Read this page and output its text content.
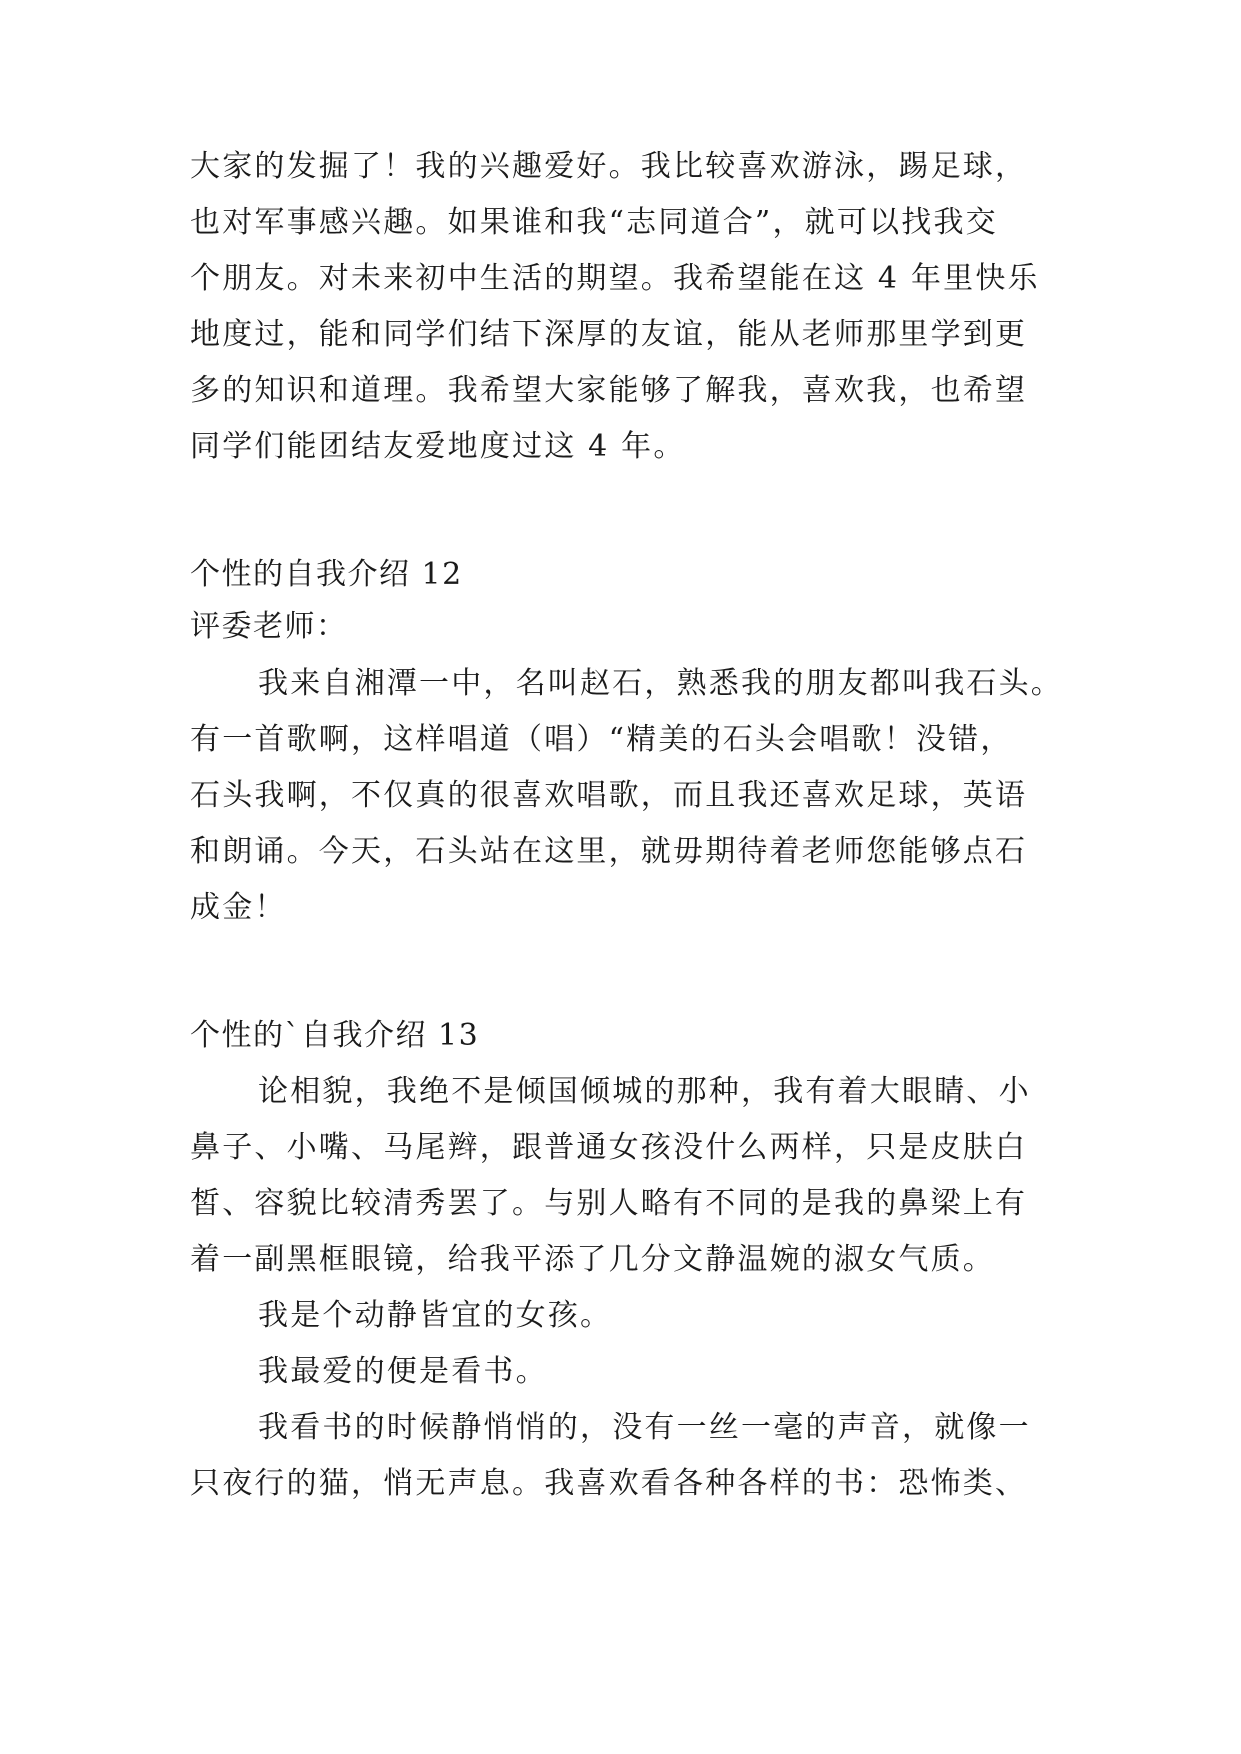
大家的发掘了！我的兴趣爱好。我比较喜欢游泳，踢足球，
也对军事感兴趣。如果谁和我“志同道合”，就可以找我交
个朋友。对未来初中生活的期望。我希望能在这 4 年里快乐
地度过，能和同学们结下深厚的友谊，能从老师那里学到更
多的知识和道理。我希望大家能够了解我，喜欢我，也希望
同学们能团结友爱地度过这 4 年。
个性的自我介绍 12
评委老师：
我来自湘潭一中，名叫赵石，熟悉我的朋友都叫我石头。
有一首歌啊，这样唱道（唱）“精美的石头会唱歌！没错，
石头我啊，不仅真的很喜欢唱歌，而且我还喜欢足球，英语
和朗诵。今天，石头站在这里，就毋期待着老师您能够点石
成金！
个性的`自我介绍 13
论相貌，我绝不是倾国倾城的那种，我有着大眼睛、小
鼻子、小嘴、马尾辫，跟普通女孩没什么两样，只是皮肤白
皙、容貌比较清秀罢了。与别人略有不同的是我的鼻梁上有
着一副黑框眼镜，给我平添了几分文静温婉的淑女气质。
我是个动静皆宜的女孩。
我最爱的便是看书。
我看书的时候静悄悄的，没有一丝一毫的声音，就像一
只夜行的猫，悄无声息。我喜欢看各种各样的书：恐怖类、
